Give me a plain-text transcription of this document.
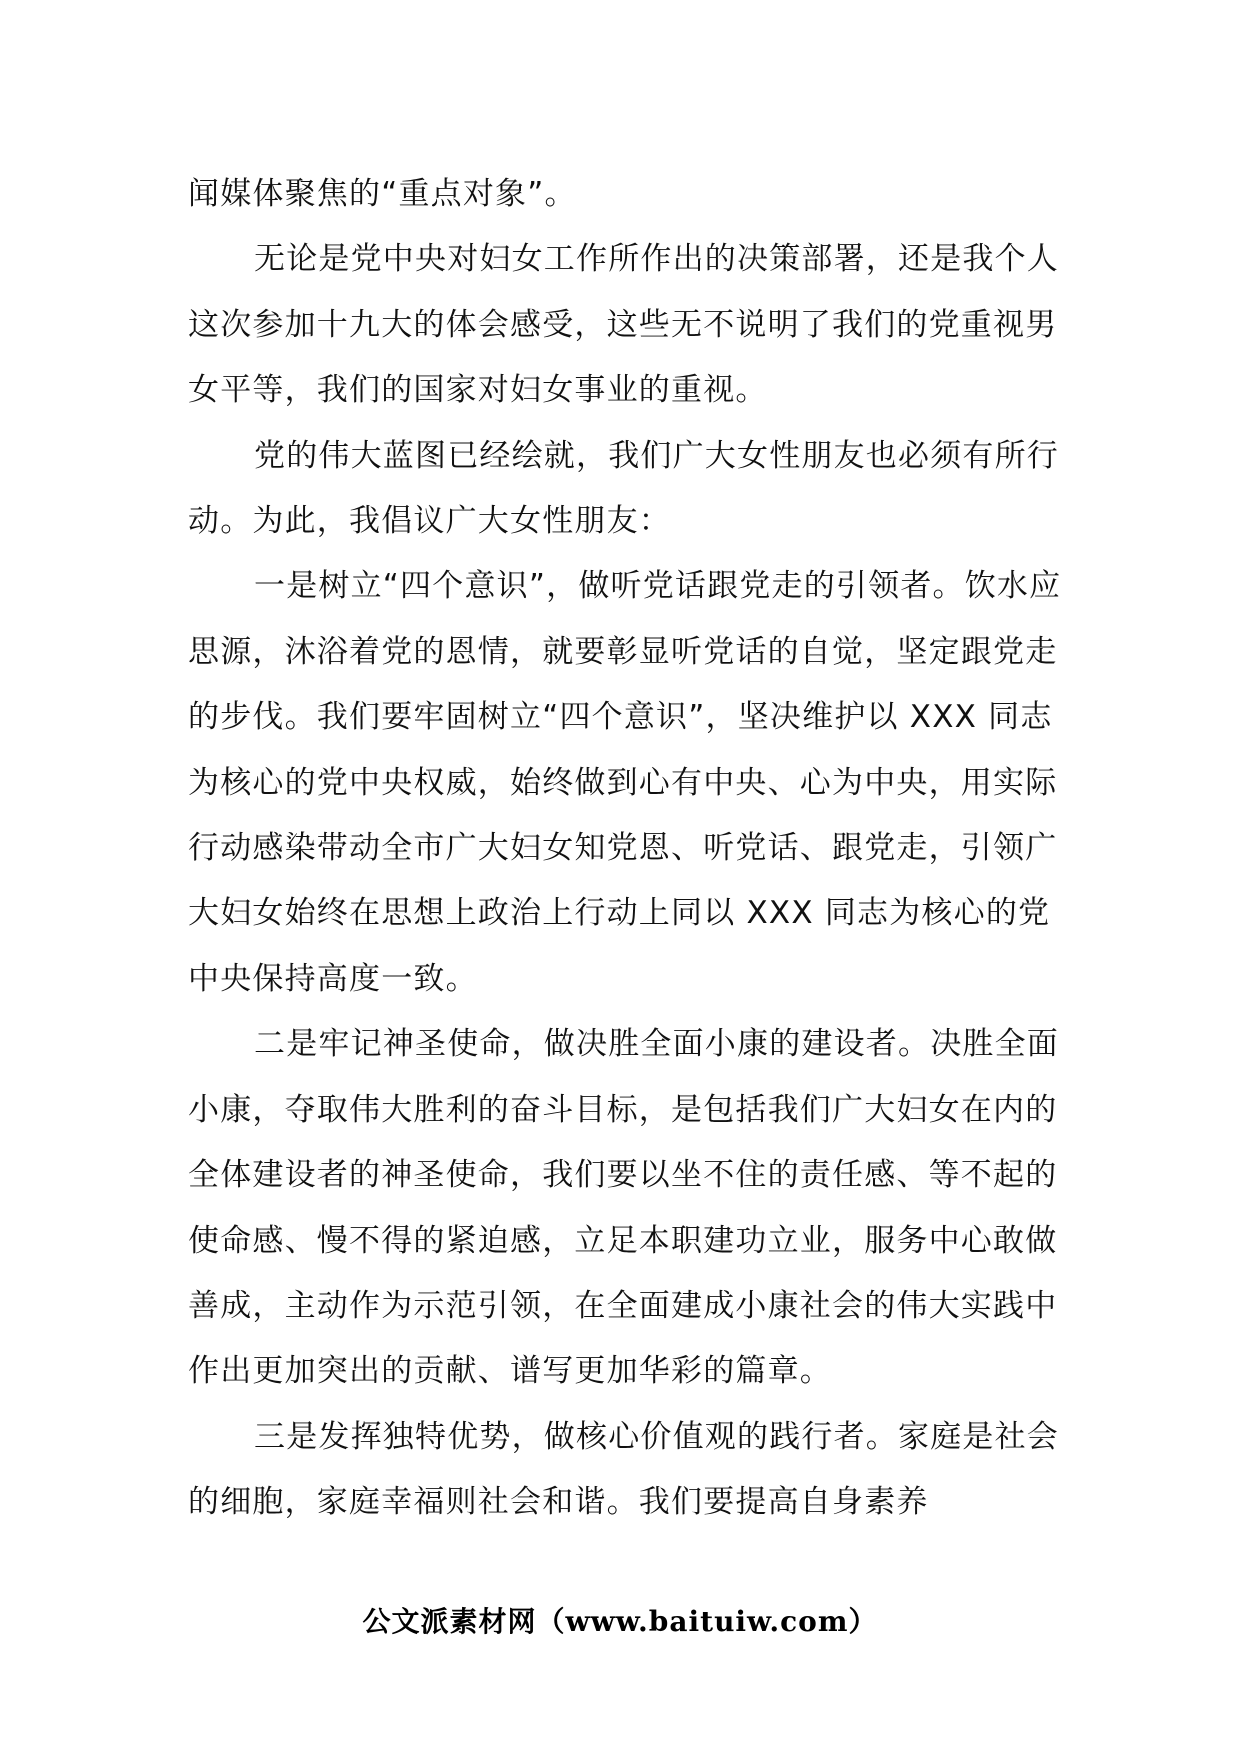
闻媒体聚焦的“重点对象”。

无论是党中央对妇女工作所作出的决策部署，还是我个人这次参加十九大的体会感受，这些无不说明了我们的党重视男女平等，我们的国家对妇女事业的重视。

党的伟大蓝图已经绘就，我们广大女性朋友也必须有所行动。为此，我倡议广大女性朋友：

一是树立“四个意识”，做听党话跟党走的引领者。饮水应思源，沐浴着党的恩情，就要彰显听党话的自觉，坚定跟党走的步伐。我们要牢固树立“四个意识”，坚决维护以 XXX 同志为核心的党中央权威，始终做到心有中央、心为中央，用实际行动感染带动全市广大妇女知党恩、听党话、跟党走，引领广大妇女始终在思想上政治上行动上同以 XXX 同志为核心的党中央保持高度一致。

二是牢记神圣使命，做决胜全面小康的建设者。决胜全面小康，夺取伟大胜利的奋斗目标，是包括我们广大妇女在内的全体建设者的神圣使命，我们要以坐不住的责任感、等不起的使命感、慢不得的紧迫感，立足本职建功立业，服务中心敢做善成，主动作为示范引领，在全面建成小康社会的伟大实践中作出更加突出的贡献、谱写更加华彩的篇章。

三是发挥独特优势，做核心价值观的践行者。家庭是社会的细胞，家庭幸福则社会和谐。我们要提高自身素养

公文派素材网（www.baituiw.com）
